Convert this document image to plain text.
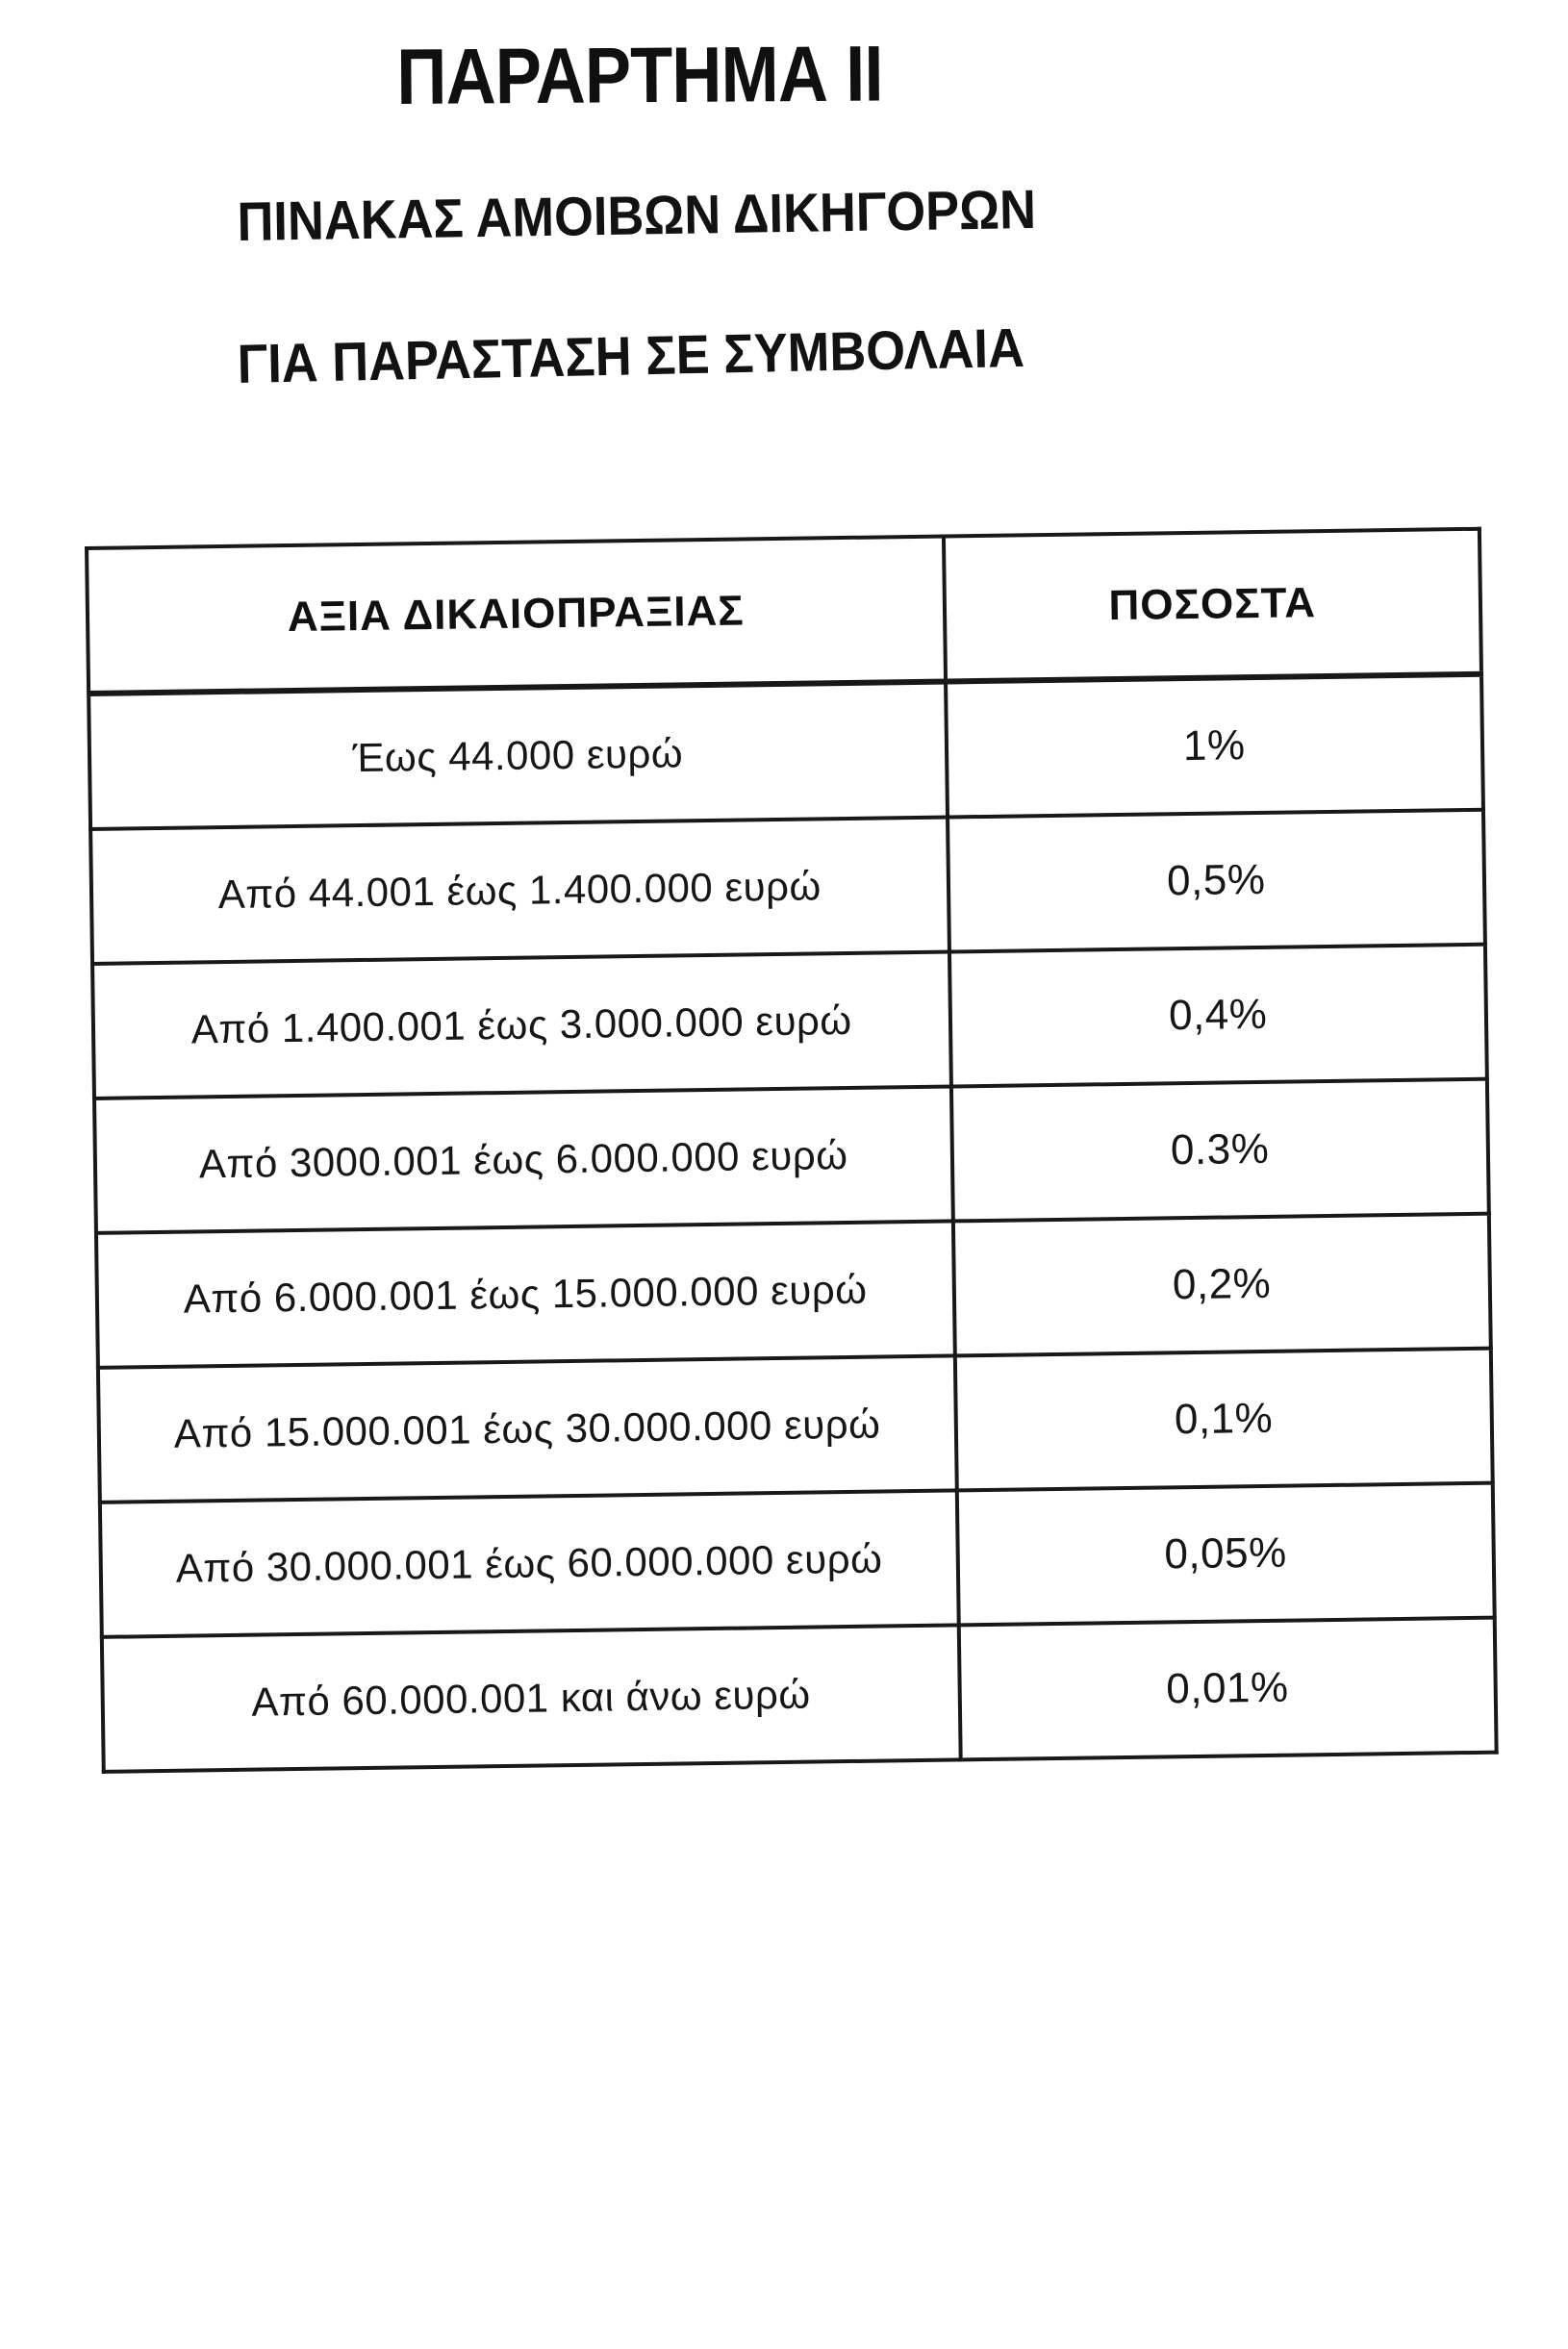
ΠΑΡΑΡΤΗΜΑ II
ΠΙΝΑΚΑΣ ΑΜΟΙΒΩΝ ΔΙΚΗΓΟΡΩΝ
ΓΙΑ ΠΑΡΑΣΤΑΣΗ ΣΕ ΣΥΜΒΟΛΑΙΑ
ΑΞΙΑ ΔΙΚΑΙΟΠΡΑΞΙΑΣ	ΠΟΣΟΣΤΑ
Έως 44.000 ευρώ	1%
Από 44.001 έως 1.400.000 ευρώ	0,5%
Από 1.400.001 έως 3.000.000 ευρώ	0,4%
Από 3000.001 έως 6.000.000 ευρώ	0.3%
Από 6.000.001 έως 15.000.000 ευρώ	0,2%
Από 15.000.001 έως 30.000.000 ευρώ	0,1%
Από 30.000.001 έως 60.000.000 ευρώ	0,05%
Από 60.000.001 και άνω ευρώ	0,01%
